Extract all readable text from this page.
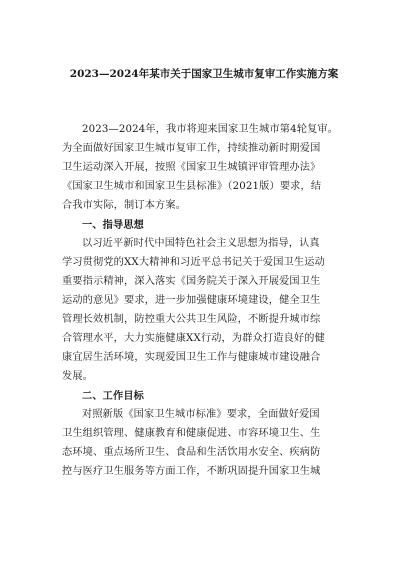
2023—2024年某市关于国家卫生城市复审工作实施方案
2023—2024年，我市将迎来国家卫生城市第4轮复审。
为全面做好国家卫生城市复审工作，持续推动新时期爱国
卫生运动深入开展，按照《国家卫生城镇评审管理办法》
《国家卫生城市和国家卫生县标准》（2021版）要求，结
合我市实际，制订本方案。
一、指导思想
以习近平新时代中国特色社会主义思想为指导，认真
学习贯彻党的XX大精神和习近平总书记关于爱国卫生运动
重要指示精神，深入落实《国务院关于深入开展爱国卫生
运动的意见》要求，进一步加强健康环境建设，健全卫生
管理长效机制，防控重大公共卫生风险，不断提升城市综
合管理水平，大力实施健康XX行动，为群众打造良好的健
康宜居生活环境，实现爱国卫生工作与健康城市建设融合
发展。
二、工作目标
对照新版《国家卫生城市标准》要求，全面做好爱国
卫生组织管理、健康教育和健康促进、市容环境卫生、生
态环境、重点场所卫生、食品和生活饮用水安全、疾病防
控与医疗卫生服务等方面工作，不断巩固提升国家卫生城
